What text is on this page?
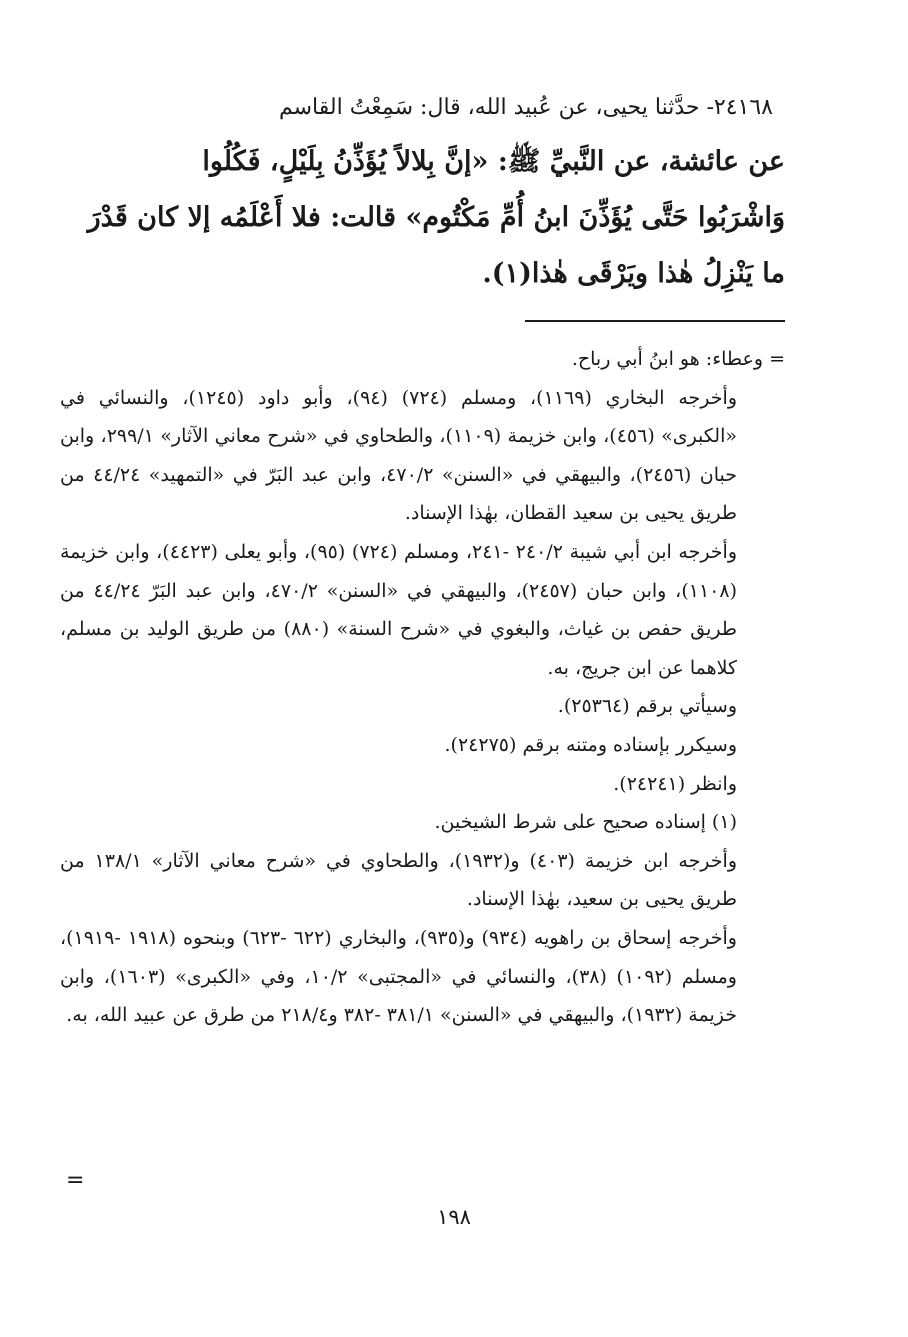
٢٤١٦٨- حدَّثنا يحيى، عن عُبيد الله، قال: سَمِعْتُ القاسم

عن عائشة، عن النَّبيِّ ﷺ: «إنَّ بِلالاً يُؤَذِّنُ بِلَيْلٍ، فَكُلُوا

وَاشْرَبُوا حَتَّى يُؤَذِّنَ ابنُ أُمِّ مَكْتُوم» قالت: فلا أَعْلَمُه إلا كان قَدْرَ

ما يَنْزِلُ هٰذا ويَرْقَى هٰذا(١).

= وعطاء: هو ابنُ أبي رباح.

وأخرجه البخاري (١١٦٩)، ومسلم (٧٢٤) (٩٤)، وأبو داود (١٢٤٥)، والنسائي في «الكبرى» (٤٥٦)، وابن خزيمة (١١٠٩)، والطحاوي في «شرح معاني الآثار» ٢٩٩/١، وابن حبان (٢٤٥٦)، والبيهقي في «السنن» ٤٧٠/٢، وابن عبد البَرّ في «التمهيد» ٤٤/٢٤ من طريق يحيى بن سعيد القطان، بهٰذا الإسناد.

وأخرجه ابن أبي شيبة ٢٤٠/٢ -٢٤١، ومسلم (٧٢٤) (٩٥)، وأبو يعلى (٤٤٢٣)، وابن خزيمة (١١٠٨)، وابن حبان (٢٤٥٧)، والبيهقي في «السنن» ٤٧٠/٢، وابن عبد البَرّ ٤٤/٢٤ من طريق حفص بن غياث، والبغوي في «شرح السنة» (٨٨٠) من طريق الوليد بن مسلم، كلاهما عن ابن جريج، به.

وسيأتي برقم (٢٥٣٦٤).

وسيكرر بإسناده ومتنه برقم (٢٤٢٧٥).

وانظر (٢٤٢٤١).

(١) إسناده صحيح على شرط الشيخين.

وأخرجه ابن خزيمة (٤٠٣) و(١٩٣٢)، والطحاوي في «شرح معاني الآثار» ١٣٨/١ من طريق يحيى بن سعيد، بهٰذا الإسناد.

وأخرجه إسحاق بن راهويه (٩٣٤) و(٩٣٥)، والبخاري (٦٢٢ -٦٢٣) وبنحوه (١٩١٨ -١٩١٩)، ومسلم (١٠٩٢) (٣٨)، والنسائي في «المجتبى» ١٠/٢، وفي «الكبرى» (١٦٠٣)، وابن خزيمة (١٩٣٢)، والبيهقي في «السنن» ٣٨١/١ -٣٨٢ و٢١٨/٤ من طرق عن عبيد الله، به.

=
١٩٨
